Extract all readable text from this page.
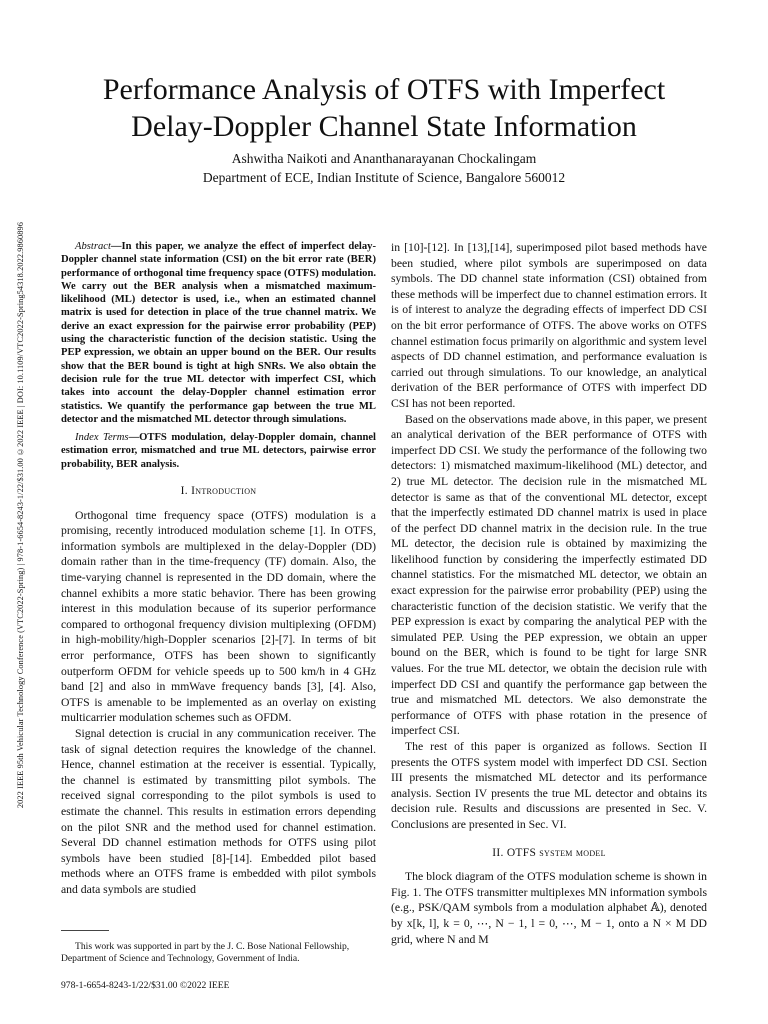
2022 IEEE 95th Vehicular Technology Conference (VTC2022-Spring) | 978-1-6654-8243-1/22/$31.00 ©2022 IEEE | DOI: 10.1109/VTC2022-Spring54318.2022.9860896
Performance Analysis of OTFS with Imperfect
Delay-Doppler Channel State Information
Ashwitha Naikoti and Ananthanarayanan Chockalingam
Department of ECE, Indian Institute of Science, Bangalore 560012

Abstract—In this paper, we analyze the effect of imperfect delay-Doppler channel state information (CSI) on the bit error rate (BER) performance of orthogonal time frequency space (OTFS) modulation. We carry out the BER analysis when a mismatched maximum-likelihood (ML) detector is used, i.e., when an estimated channel matrix is used for detection in place of the true channel matrix. We derive an exact expression for the pairwise error probability (PEP) using the characteristic function of the decision statistic. Using the PEP expression, we obtain an upper bound on the BER. Our results show that the BER bound is tight at high SNRs. We also obtain the decision rule for the true ML detector with imperfect CSI, which takes into account the delay-Doppler channel estimation error statistics. We quantify the performance gap between the true ML detector and the mismatched ML detector through simulations.

Index Terms—OTFS modulation, delay-Doppler domain, channel estimation error, mismatched and true ML detectors, pairwise error probability, BER analysis.

I. Introduction

Orthogonal time frequency space (OTFS) modulation is a promising, recently introduced modulation scheme [1]. In OTFS, information symbols are multiplexed in the delay-Doppler (DD) domain rather than in the time-frequency (TF) domain. Also, the time-varying channel is represented in the DD domain, where the channel exhibits a more static behavior. There has been growing interest in this modulation because of its superior performance compared to orthogonal frequency division multiplexing (OFDM) in high-mobility/high-Doppler scenarios [2]-[7]. In terms of bit error performance, OTFS has been shown to significantly outperform OFDM for vehicle speeds up to 500 km/h in 4 GHz band [2] and also in mmWave frequency bands [3], [4]. Also, OTFS is amenable to be implemented as an overlay on existing multicarrier modulation schemes such as OFDM.

Signal detection is crucial in any communication receiver. The task of signal detection requires the knowledge of the channel. Hence, channel estimation at the receiver is essential. Typically, the channel is estimated by transmitting pilot symbols. The received signal corresponding to the pilot symbols is used to estimate the channel. This results in estimation errors depending on the pilot SNR and the method used for channel estimation. Several DD channel estimation methods for OTFS using pilot symbols have been studied [8]-[14]. Embedded pilot based methods where an OTFS frame is embedded with pilot symbols and data symbols are studied

in [10]-[12]. In [13],[14], superimposed pilot based methods have been studied, where pilot symbols are superimposed on data symbols. The DD channel state information (CSI) obtained from these methods will be imperfect due to channel estimation errors. It is of interest to analyze the degrading effects of imperfect DD CSI on the bit error performance of OTFS. The above works on OTFS channel estimation focus primarily on algorithmic and system level aspects of DD channel estimation, and performance evaluation is carried out through simulations. To our knowledge, an analytical derivation of the BER performance of OTFS with imperfect DD CSI has not been reported.

Based on the observations made above, in this paper, we present an analytical derivation of the BER performance of OTFS with imperfect DD CSI. We study the performance of the following two detectors: 1) mismatched maximum-likelihood (ML) detector, and 2) true ML detector. The decision rule in the mismatched ML detector is same as that of the conventional ML detector, except that the imperfectly estimated DD channel matrix is used in place of the perfect DD channel matrix in the decision rule. In the true ML detector, the decision rule is obtained by maximizing the likelihood function by considering the imperfectly estimated DD channel statistics. For the mismatched ML detector, we obtain an exact expression for the pairwise error probability (PEP) using the characteristic function of the decision statistic. We verify that the PEP expression is exact by comparing the analytical PEP with the simulated PEP. Using the PEP expression, we obtain an upper bound on the BER, which is found to be tight for large SNR values. For the true ML detector, we obtain the decision rule with imperfect DD CSI and quantify the performance gap between the true and mismatched ML detectors. We also demonstrate the performance of OTFS with phase rotation in the presence of imperfect CSI.

The rest of this paper is organized as follows. Section II presents the OTFS system model with imperfect DD CSI. Section III presents the mismatched ML detector and its performance analysis. Section IV presents the true ML detector and obtains its decision rule. Results and discussions are presented in Sec. V. Conclusions are presented in Sec. VI.

II. OTFS system model

The block diagram of the OTFS modulation scheme is shown in Fig. 1. The OTFS transmitter multiplexes MN information symbols (e.g., PSK/QAM symbols from a modulation alphabet 𝔸), denoted by x[k, l], k = 0, ⋯, N − 1, l = 0, ⋯, M − 1, onto a N × M DD grid, where N and M

This work was supported in part by the J. C. Bose National Fellowship, Department of Science and Technology, Government of India.
978-1-6654-8243-1/22/$31.00 ©2022 IEEE
